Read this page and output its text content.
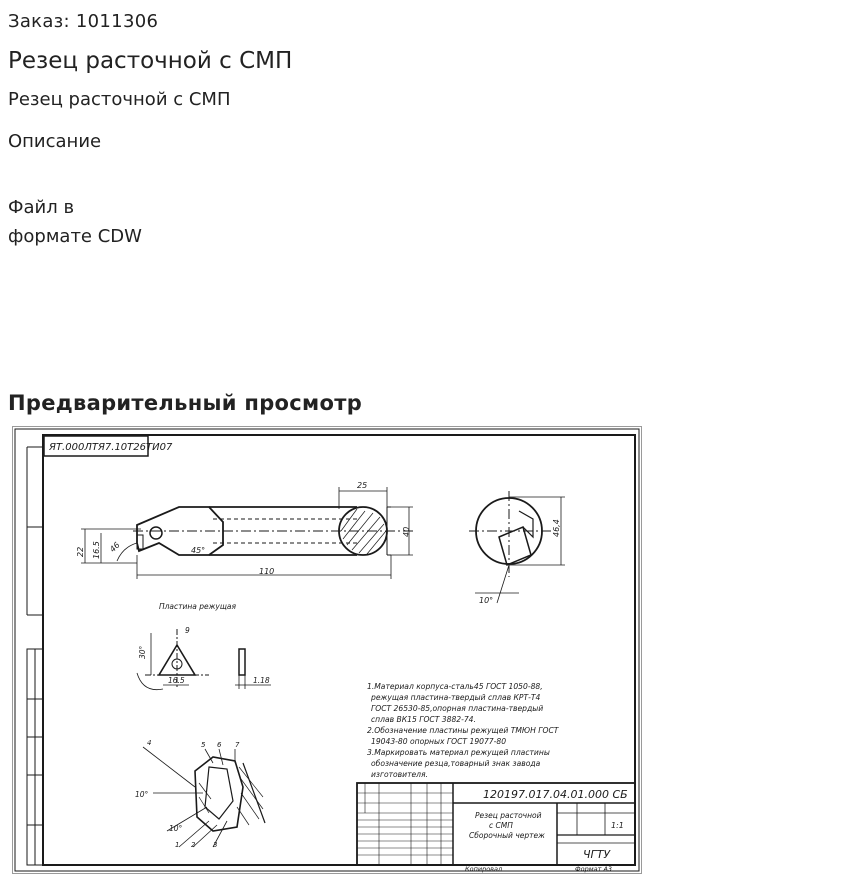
Заказ: 1011306
Резец расточной с СМП
Резец расточной с СМП
Описание
Файл в
формате CDW
Предварительный просмотр
ЯТ.000ЛТЯ7.10Т26ТИ07
25
110
40
22 16.5 46	45°
46,4
10°
Пластина режущая
9
16.5
30°
1.18
4	5 6 7
1 2	3
10°
10°
1.Материал корпуса-сталь45 ГОСТ 1050-88,
режущая пластина-твердый сплав КРТ-Т4
ГОСТ 26530-85,опорная пластина-твердый
сплав ВК15 ГОСТ 3882-74.
2.Обозначение пластины режущей ТМЮН ГОСТ
19043-80 опорных ГОСТ 19077-80
3.Маркировать материал режущей пластины
обозначение резца,товарный знак завода
изготовителя.
120197.017.04.01.000 СБ
Резец расточной
с СМП
Сборочный чертеж
1:1
ЧГТУ
Копировал	Формат А3
